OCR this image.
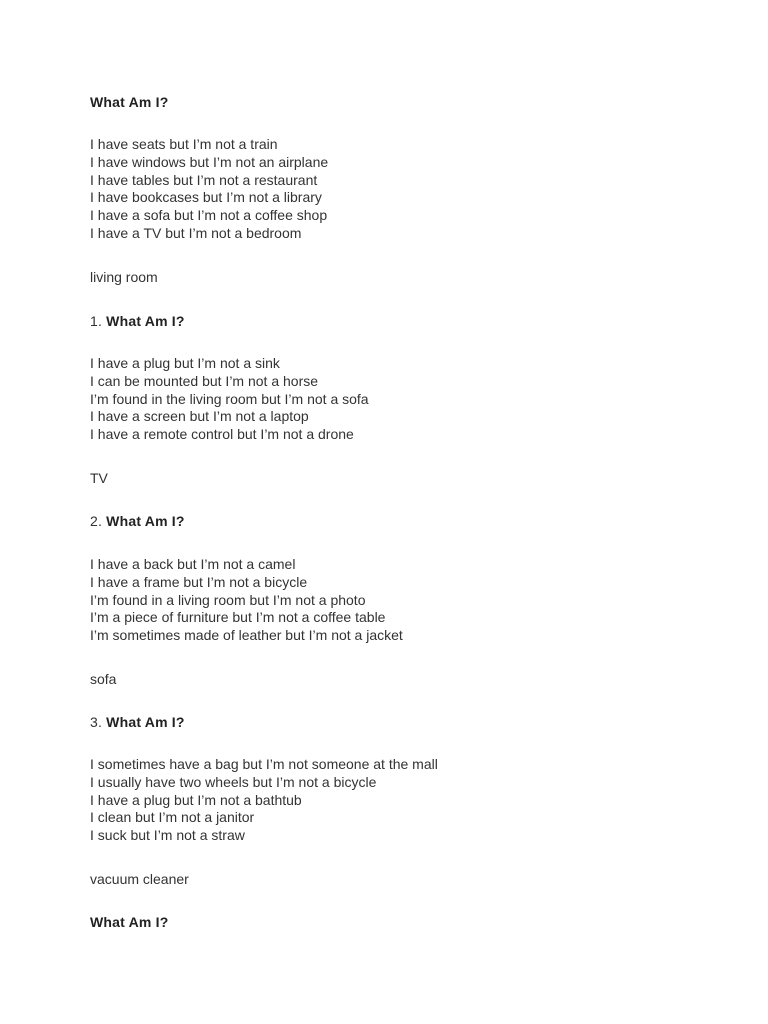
What Am I?
I have seats but I’m not a train
I have windows but I’m not an airplane
I have tables but I’m not a restaurant
I have bookcases but I’m not a library
I have a sofa but I’m not a coffee shop
I have a TV but I’m not a bedroom
living room
1. What Am I?
I have a plug but I’m not a sink
I can be mounted but I’m not a horse
I’m found in the living room but I’m not a sofa
I have a screen but I’m not a laptop
I have a remote control but I’m not a drone
TV
2. What Am I?
I have a back but I’m not a camel
I have a frame but I’m not a bicycle
I’m found in a living room but I’m not a photo
I’m a piece of furniture but I’m not a coffee table
I’m sometimes made of leather but I’m not a jacket
sofa
3. What Am I?
I sometimes have a bag but I’m not someone at the mall
I usually have two wheels but I’m not a bicycle
I have a plug but I’m not a bathtub
I clean but I’m not a janitor
I suck but I’m not a straw
vacuum cleaner
What Am I?
